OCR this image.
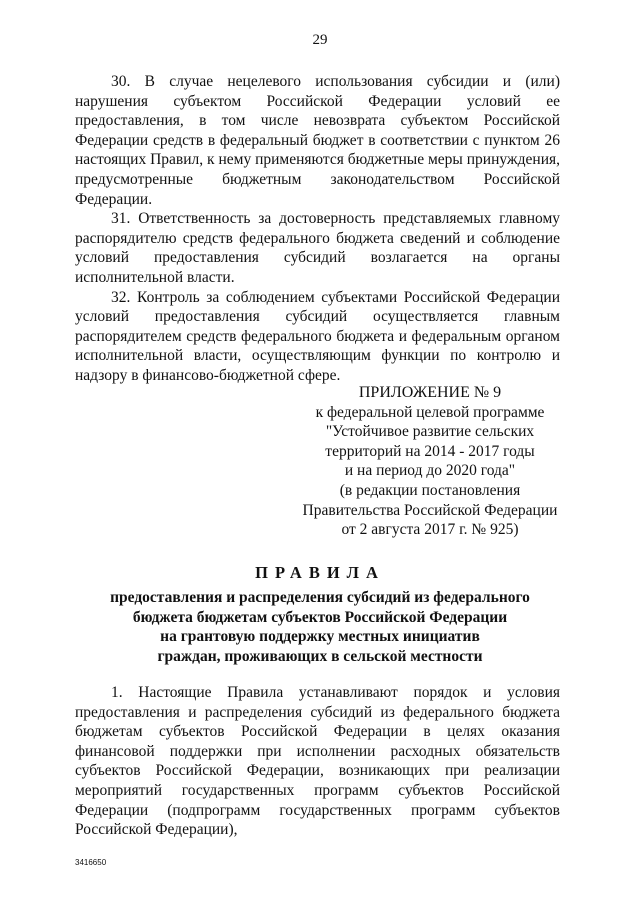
29

30. В случае нецелевого использования субсидии и (или) нарушения субъектом Российской Федерации условий ее предоставления, в том числе невозврата субъектом Российской Федерации средств в федеральный бюджет в соответствии с пунктом 26 настоящих Правил, к нему применяются бюджетные меры принуждения, предусмотренные бюджетным законодательством Российской Федерации.

31. Ответственность за достоверность представляемых главному распорядителю средств федерального бюджета сведений и соблюдение условий предоставления субсидий возлагается на органы исполнительной власти.

32. Контроль за соблюдением субъектами Российской Федерации условий предоставления субсидий осуществляется главным распорядителем средств федерального бюджета и федеральным органом исполнительной власти, осуществляющим функции по контролю и надзору в финансово-бюджетной сфере.

ПРИЛОЖЕНИЕ № 9
к федеральной целевой программе
"Устойчивое развитие сельских
территорий на 2014 - 2017 годы
и на период до 2020 года"
(в редакции постановления
Правительства Российской Федерации
от 2 августа 2017 г. № 925)
ПРАВИЛА
предоставления и распределения субсидий из федерального
бюджета бюджетам субъектов Российской Федерации
на грантовую поддержку местных инициатив
граждан, проживающих в сельской местности

1. Настоящие Правила устанавливают порядок и условия предоставления и распределения субсидий из федерального бюджета бюджетам субъектов Российской Федерации в целях оказания финансовой поддержки при исполнении расходных обязательств субъектов Российской Федерации, возникающих при реализации мероприятий государственных программ субъектов Российской Федерации (подпрограмм государственных программ субъектов Российской Федерации),

3416650
